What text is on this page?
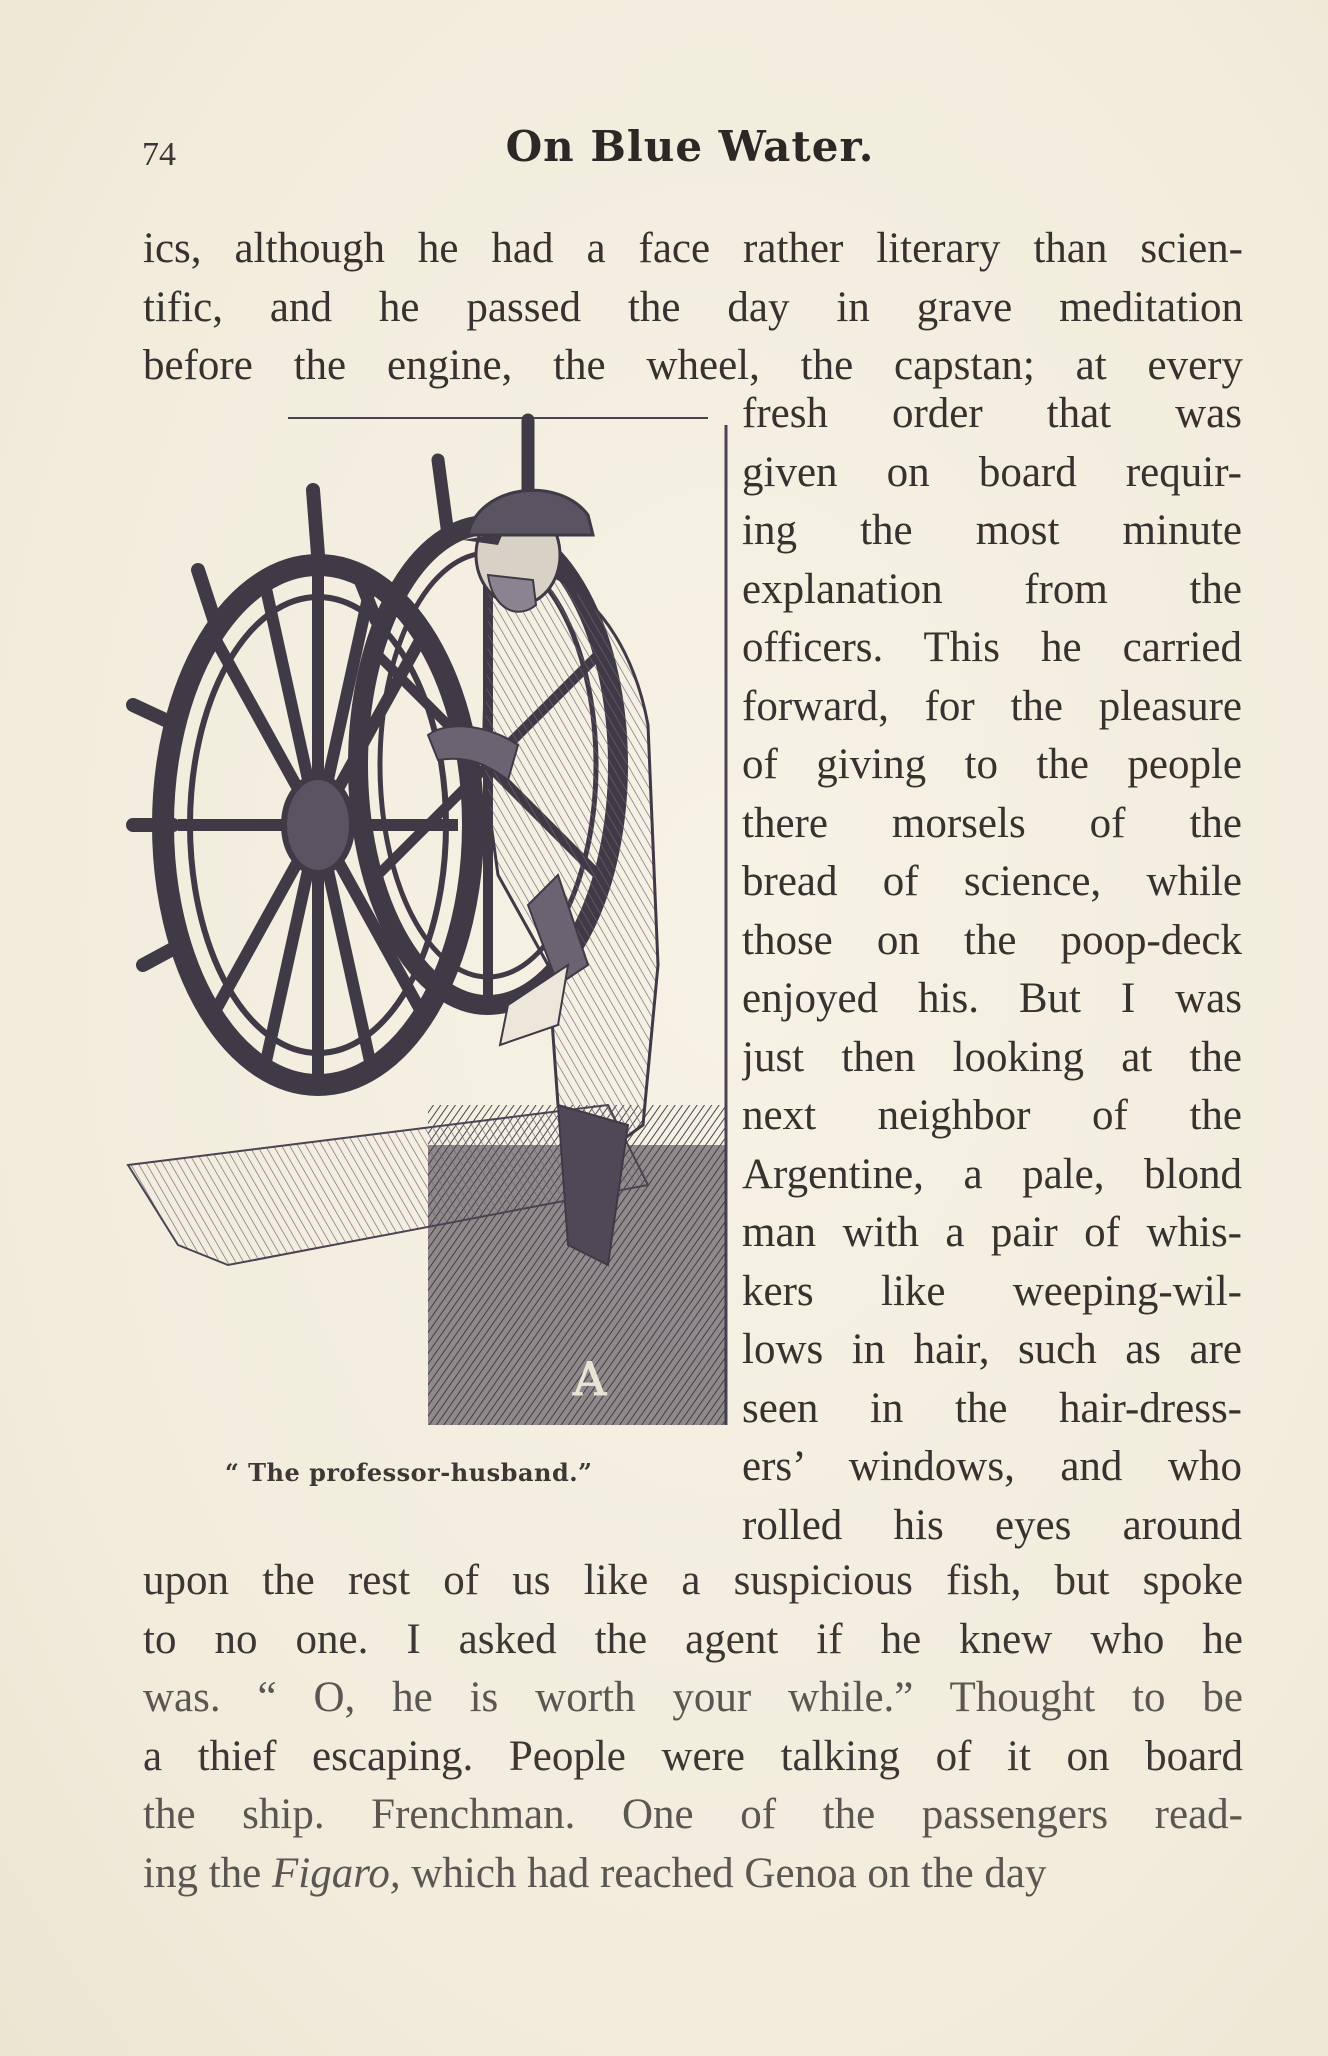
74	On Blue Water.
ics, although he had a face rather literary than scien-
tific, and he passed the day in grave meditation
before the engine, the wheel, the capstan; at every
A
fresh order that was
given on board requir-
ing the most minute
explanation from the
officers. This he carried
forward, for the pleasure
of giving to the people
there morsels of the
bread of science, while
those on the poop-deck
enjoyed his. But I was
just then looking at the
next neighbor of the
Argentine, a pale, blond
man with a pair of whis-
kers like weeping-wil-
lows in hair, such as are
seen in the hair-dress-
ers’ windows, and who
rolled his eyes around
“ The professor-husband.”
upon the rest of us like a suspicious fish, but spoke
to no one. I asked the agent if he knew who he
was. “ O, he is worth your while.” Thought to be
a thief escaping. People were talking of it on board
the ship. Frenchman. One of the passengers read-
ing the Figaro, which had reached Genoa on the day
